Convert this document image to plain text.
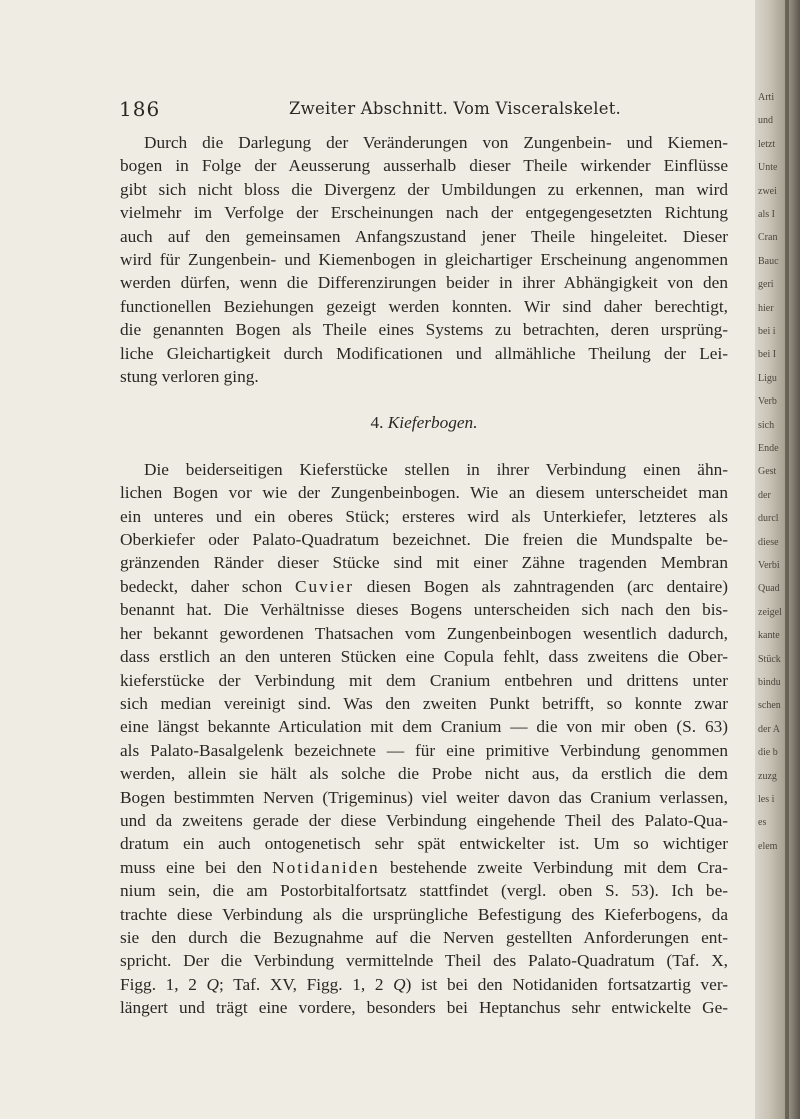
186	Zweiter Abschnitt. Vom Visceralskelet.
Durch die Darlegung der Veränderungen von Zungenbein- und Kiemen-
bogen in Folge der Aeusserung ausserhalb dieser Theile wirkender Einflüsse
gibt sich nicht bloss die Divergenz der Umbildungen zu erkennen, man wird
vielmehr im Verfolge der Erscheinungen nach der entgegengesetzten Richtung
auch auf den gemeinsamen Anfangszustand jener Theile hingeleitet. Dieser
wird für Zungenbein- und Kiemenbogen in gleichartiger Erscheinung angenommen
werden dürfen, wenn die Differenzirungen beider in ihrer Abhängigkeit von den
functionellen Beziehungen gezeigt werden konnten. Wir sind daher berechtigt,
die genannten Bogen als Theile eines Systems zu betrachten, deren ursprüng-
liche Gleichartigkeit durch Modificationen und allmähliche Theilung der Lei-
stung verloren ging.
4. Kieferbogen.
Die beiderseitigen Kieferstücke stellen in ihrer Verbindung einen ähn-
lichen Bogen vor wie der Zungenbeinbogen. Wie an diesem unterscheidet man
ein unteres und ein oberes Stück; ersteres wird als Unterkiefer, letzteres als
Oberkiefer oder Palato-Quadratum bezeichnet. Die freien die Mundspalte be-
gränzenden Ränder dieser Stücke sind mit einer Zähne tragenden Membran
bedeckt, daher schon Cuvier diesen Bogen als zahntragenden (arc dentaire)
benannt hat. Die Verhältnisse dieses Bogens unterscheiden sich nach den bis-
her bekannt gewordenen Thatsachen vom Zungenbeinbogen wesentlich dadurch,
dass erstlich an den unteren Stücken eine Copula fehlt, dass zweitens die Ober-
kieferstücke der Verbindung mit dem Cranium entbehren und drittens unter
sich median vereinigt sind. Was den zweiten Punkt betrifft, so konnte zwar
eine längst bekannte Articulation mit dem Cranium — die von mir oben (S. 63)
als Palato-Basalgelenk bezeichnete — für eine primitive Verbindung genommen
werden, allein sie hält als solche die Probe nicht aus, da erstlich die dem
Bogen bestimmten Nerven (Trigeminus) viel weiter davon das Cranium verlassen,
und da zweitens gerade der diese Verbindung eingehende Theil des Palato-Qua-
dratum ein auch ontogenetisch sehr spät entwickelter ist. Um so wichtiger
muss eine bei den Notidaniden bestehende zweite Verbindung mit dem Cra-
nium sein, die am Postorbitalfortsatz stattfindet (vergl. oben S. 53). Ich be-
trachte diese Verbindung als die ursprüngliche Befestigung des Kieferbogens, da
sie den durch die Bezugnahme auf die Nerven gestellten Anforderungen ent-
spricht. Der die Verbindung vermittelnde Theil des Palato-Quadratum (Taf. X,
Figg. 1, 2 Q; Taf. XV, Figg. 1, 2 Q) ist bei den Notidaniden fortsatzartig ver-
längert und trägt eine vordere, besonders bei Heptanchus sehr entwickelte Ge-
Arti
und
letzt
Unte
zwei
als I
Cran
Bauc
geri
hier
bei i
bei I
Ligu
Verb
sich
Ende
Gest
der
durcl
diese
Verbi
Quad
zeigel
kante
Stück
bindu
schen
der A
die b
zuzg
les i
es
elem
